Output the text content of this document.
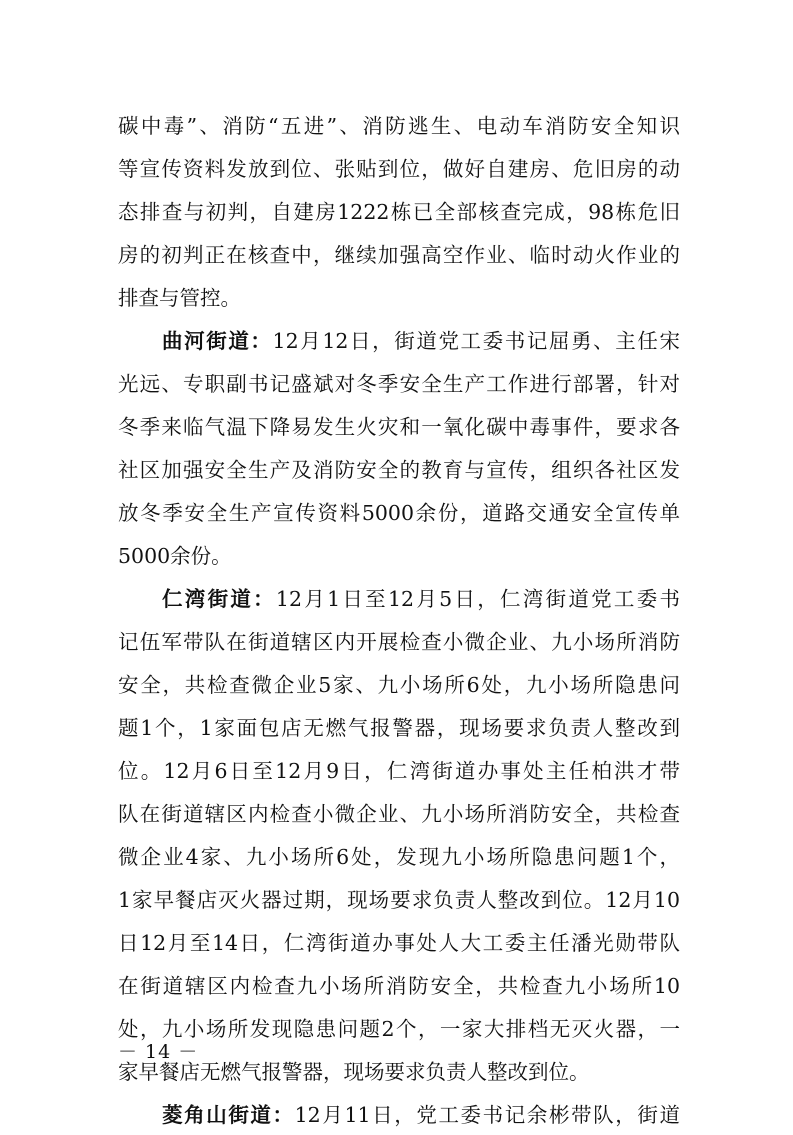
碳中毒”、消防“五进”、消防逃生、电动车消防安全知识
等宣传资料发放到位、张贴到位，做好自建房、危旧房的动
态排查与初判，自建房1222栋已全部核查完成，98栋危旧
房的初判正在核查中，继续加强高空作业、临时动火作业的
排查与管控。
曲河街道：12月12日，街道党工委书记屈勇、主任宋
光远、专职副书记盛斌对冬季安全生产工作进行部署，针对
冬季来临气温下降易发生火灾和一氧化碳中毒事件，要求各
社区加强安全生产及消防安全的教育与宣传，组织各社区发
放冬季安全生产宣传资料5000余份，道路交通安全宣传单
5000余份。
仁湾街道：12月1日至12月5日，仁湾街道党工委书
记伍军带队在街道辖区内开展检查小微企业、九小场所消防
安全，共检查微企业5家、九小场所6处，九小场所隐患问
题1个，1家面包店无燃气报警器，现场要求负责人整改到
位。12月6日至12月9日，仁湾街道办事处主任柏洪才带
队在街道辖区内检查小微企业、九小场所消防安全，共检查
微企业4家、九小场所6处，发现九小场所隐患问题1个，
1家早餐店灭火器过期，现场要求负责人整改到位。12月10
日12月至14日，仁湾街道办事处人大工委主任潘光勋带队
在街道辖区内检查九小场所消防安全，共检查九小场所10
处，九小场所发现隐患问题2个，一家大排档无灭火器，一
家早餐店无燃气报警器，现场要求负责人整改到位。
菱角山街道：12月11日，党工委书记余彬带队，街道
－ 14 －
